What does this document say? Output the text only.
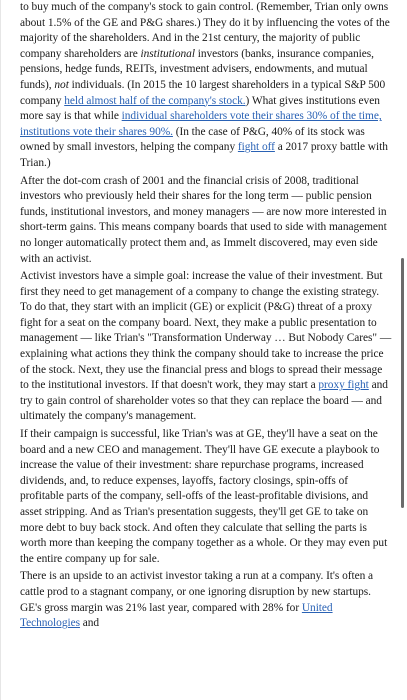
to buy much of the company's stock to gain control. (Remember, Trian only owns about 1.5% of the GE and P&G shares.) They do it by influencing the votes of the majority of the shareholders. And in the 21st century, the majority of public company shareholders are institutional investors (banks, insurance companies, pensions, hedge funds, REITs, investment advisers, endowments, and mutual funds), not individuals. (In 2015 the 10 largest shareholders in a typical S&P 500 company held almost half of the company's stock.) What gives institutions even more say is that while individual shareholders vote their shares 30% of the time, institutions vote their shares 90%. (In the case of P&G, 40% of its stock was owned by small investors, helping the company fight off a 2017 proxy battle with Trian.)

After the dot-com crash of 2001 and the financial crisis of 2008, traditional investors who previously held their shares for the long term — public pension funds, institutional investors, and money managers — are now more interested in short-term gains. This means company boards that used to side with management no longer automatically protect them and, as Immelt discovered, may even side with an activist.

Activist investors have a simple goal: increase the value of their investment. But first they need to get management of a company to change the existing strategy. To do that, they start with an implicit (GE) or explicit (P&G) threat of a proxy fight for a seat on the company board. Next, they make a public presentation to management — like Trian's "Transformation Underway … But Nobody Cares" — explaining what actions they think the company should take to increase the price of the stock. Next, they use the financial press and blogs to spread their message to the institutional investors. If that doesn't work, they may start a proxy fight and try to gain control of shareholder votes so that they can replace the board — and ultimately the company's management.

If their campaign is successful, like Trian's was at GE, they'll have a seat on the board and a new CEO and management. They'll have GE execute a playbook to increase the value of their investment: share repurchase programs, increased dividends, and, to reduce expenses, layoffs, factory closings, spin-offs of profitable parts of the company, sell-offs of the least-profitable divisions, and asset stripping. And as Trian's presentation suggests, they'll get GE to take on more debt to buy back stock. And often they calculate that selling the parts is worth more than keeping the company together as a whole. Or they may even put the entire company up for sale.

There is an upside to an activist investor taking a run at a company. It's often a cattle prod to a stagnant company, or one ignoring disruption by new startups. GE's gross margin was 21% last year, compared with 28% for United Technologies and
